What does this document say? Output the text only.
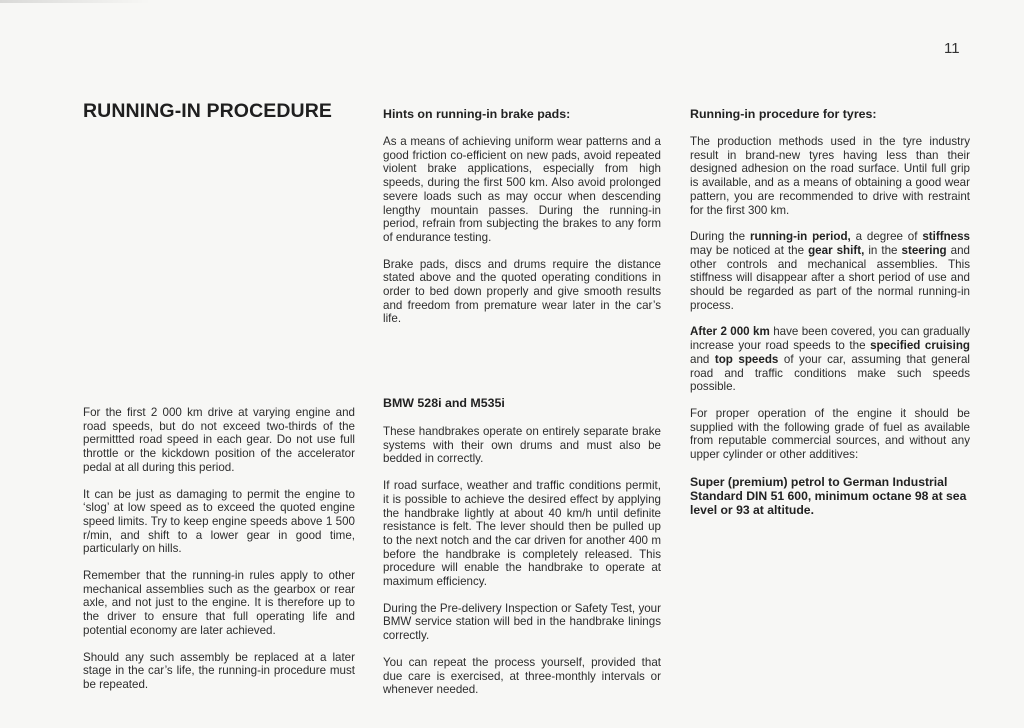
11
RUNNING-IN PROCEDURE

For the first 2 000 km drive at varying engine and road speeds, but do not exceed two-thirds of the permittted road speed in each gear. Do not use full throttle or the kickdown position of the accelerator pedal at all during this period.

It can be just as damaging to permit the engine to ‘slog’ at low speed as to exceed the quoted engine speed limits. Try to keep engine speeds above 1 500 r/min, and shift to a lower gear in good time, particularly on hills.

Remember that the running-in rules apply to other mechanical assemblies such as the gearbox or rear axle, and not just to the engine. It is therefore up to the driver to ensure that full operating life and potential economy are later achieved.

Should any such assembly be replaced at a later stage in the car’s life, the running-in procedure must be repeated.

Hints on running-in brake pads:

As a means of achieving uniform wear patterns and a good friction co-efficient on new pads, avoid repeated violent brake applications, especially from high speeds, during the first 500 km. Also avoid prolonged severe loads such as may occur when descending lengthy mountain passes. During the running-in period, refrain from subjecting the brakes to any form of endurance testing.

Brake pads, discs and drums require the distance stated above and the quoted operating conditions in order to bed down properly and give smooth results and freedom from premature wear later in the car’s life.

BMW 528i and M535i

These handbrakes operate on entirely separate brake systems with their own drums and must also be bedded in correctly.

If road surface, weather and traffic conditions permit, it is possible to achieve the desired effect by applying the handbrake lightly at about 40 km/h until definite resistance is felt. The lever should then be pulled up to the next notch and the car driven for another 400 m before the handbrake is completely released. This procedure will enable the handbrake to operate at maximum efficiency.

During the Pre-delivery Inspection or Safety Test, your BMW service station will bed in the handbrake linings correctly.

You can repeat the process yourself, provided that due care is exercised, at three-monthly intervals or whenever needed.

Running-in procedure for tyres:

The production methods used in the tyre industry result in brand-new tyres having less than their designed adhesion on the road surface. Until full grip is available, and as a means of obtaining a good wear pattern, you are recommended to drive with restraint for the first 300 km.

During the running-in period, a degree of stiffness may be noticed at the gear shift, in the steering and other controls and mechanical assemblies. This stiffness will disappear after a short period of use and should be regarded as part of the normal running-in process.

After 2 000 km have been covered, you can gradually increase your road speeds to the specified cruising and top speeds of your car, assuming that general road and traffic conditions make such speeds possible.

For proper operation of the engine it should be supplied with the following grade of fuel as available from reputable commercial sources, and without any upper cylinder or other additives:

Super (premium) petrol to German Industrial Standard DIN 51 600, minimum octane 98 at sea level or 93 at altitude.
